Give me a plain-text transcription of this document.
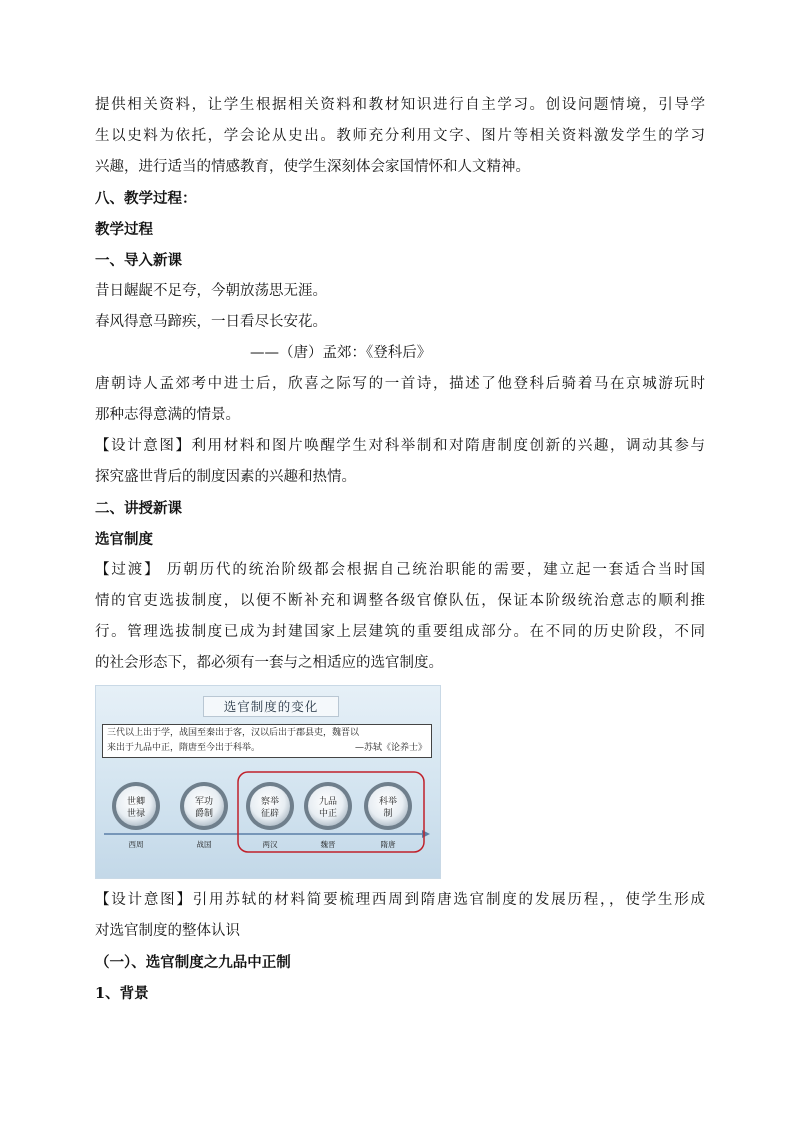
提供相关资料，让学生根据相关资料和教材知识进行自主学习。创设问题情境，引导学
生以史料为依托，学会论从史出。教师充分利用文字、图片等相关资料激发学生的学习
兴趣，进行适当的情感教育，使学生深刻体会家国情怀和人文精神。
八、教学过程：
教学过程
一、导入新课
昔日龌龊不足夸，今朝放荡思无涯。
春风得意马蹄疾，一日看尽长安花。
——（唐）孟郊：《登科后》
唐朝诗人孟郊考中进士后，欣喜之际写的一首诗，描述了他登科后骑着马在京城游玩时
那种志得意满的情景。
【设计意图】利用材料和图片唤醒学生对科举制和对隋唐制度创新的兴趣，调动其参与
探究盛世背后的制度因素的兴趣和热情。
二、讲授新课
选官制度
【过渡】 历朝历代的统治阶级都会根据自己统治职能的需要，建立起一套适合当时国
情的官吏选拔制度，以便不断补充和调整各级官僚队伍，保证本阶级统治意志的顺利推
行。管理选拔制度已成为封建国家上层建筑的重要组成部分。在不同的历史阶段，不同
的社会形态下，都必须有一套与之相适应的选官制度。
选官制度的变化
三代以上出于学，战国至秦出于客，汉以后出于郡县吏，魏晋以
来出于九品中正，隋唐至今出于科举。	—苏轼《论养士》
世卿
世禄
西周
军功
爵制
战国
察举
征辟
两汉
九品
中正
魏晋
科举
制
隋唐
【设计意图】引用苏轼的材料简要梳理西周到隋唐选官制度的发展历程，，使学生形成
对选官制度的整体认识
（一）、选官制度之九品中正制
1、背景
